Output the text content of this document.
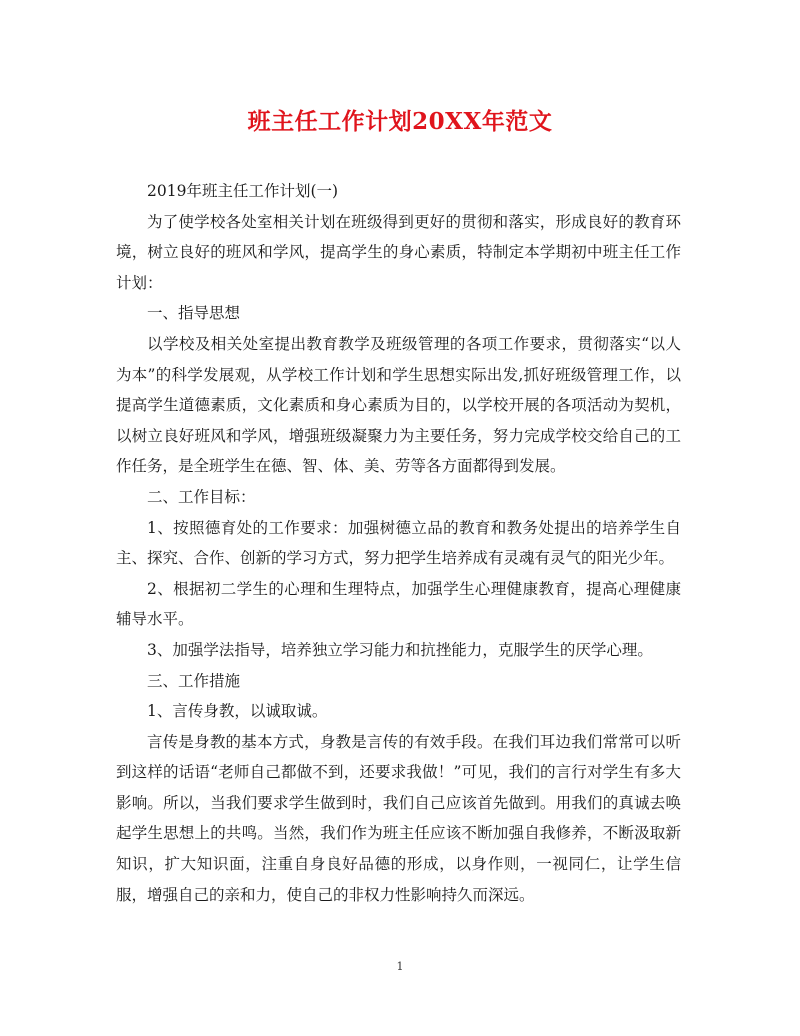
班主任工作计划20XX年范文

2019年班主任工作计划(一)

为了使学校各处室相关计划在班级得到更好的贯彻和落实，形成良好的教育环境，树立良好的班风和学风，提高学生的身心素质，特制定本学期初中班主任工作计划：

一、指导思想

以学校及相关处室提出教育教学及班级管理的各项工作要求，贯彻落实“以人为本”的科学发展观，从学校工作计划和学生思想实际出发,抓好班级管理工作，以提高学生道德素质，文化素质和身心素质为目的，以学校开展的各项活动为契机，以树立良好班风和学风，增强班级凝聚力为主要任务，努力完成学校交给自己的工作任务，是全班学生在德、智、体、美、劳等各方面都得到发展。

二、工作目标：

1、按照德育处的工作要求：加强树德立品的教育和教务处提出的培养学生自主、探究、合作、创新的学习方式，努力把学生培养成有灵魂有灵气的阳光少年。

2、根据初二学生的心理和生理特点，加强学生心理健康教育，提高心理健康辅导水平。

3、加强学法指导，培养独立学习能力和抗挫能力，克服学生的厌学心理。

三、工作措施

1、言传身教，以诚取诚。

言传是身教的基本方式，身教是言传的有效手段。在我们耳边我们常常可以听到这样的话语“老师自己都做不到，还要求我做！”可见，我们的言行对学生有多大影响。所以，当我们要求学生做到时，我们自己应该首先做到。用我们的真诚去唤起学生思想上的共鸣。当然，我们作为班主任应该不断加强自我修养，不断汲取新知识，扩大知识面，注重自身良好品德的形成，以身作则，一视同仁，让学生信服，增强自己的亲和力，使自己的非权力性影响持久而深远。

1
